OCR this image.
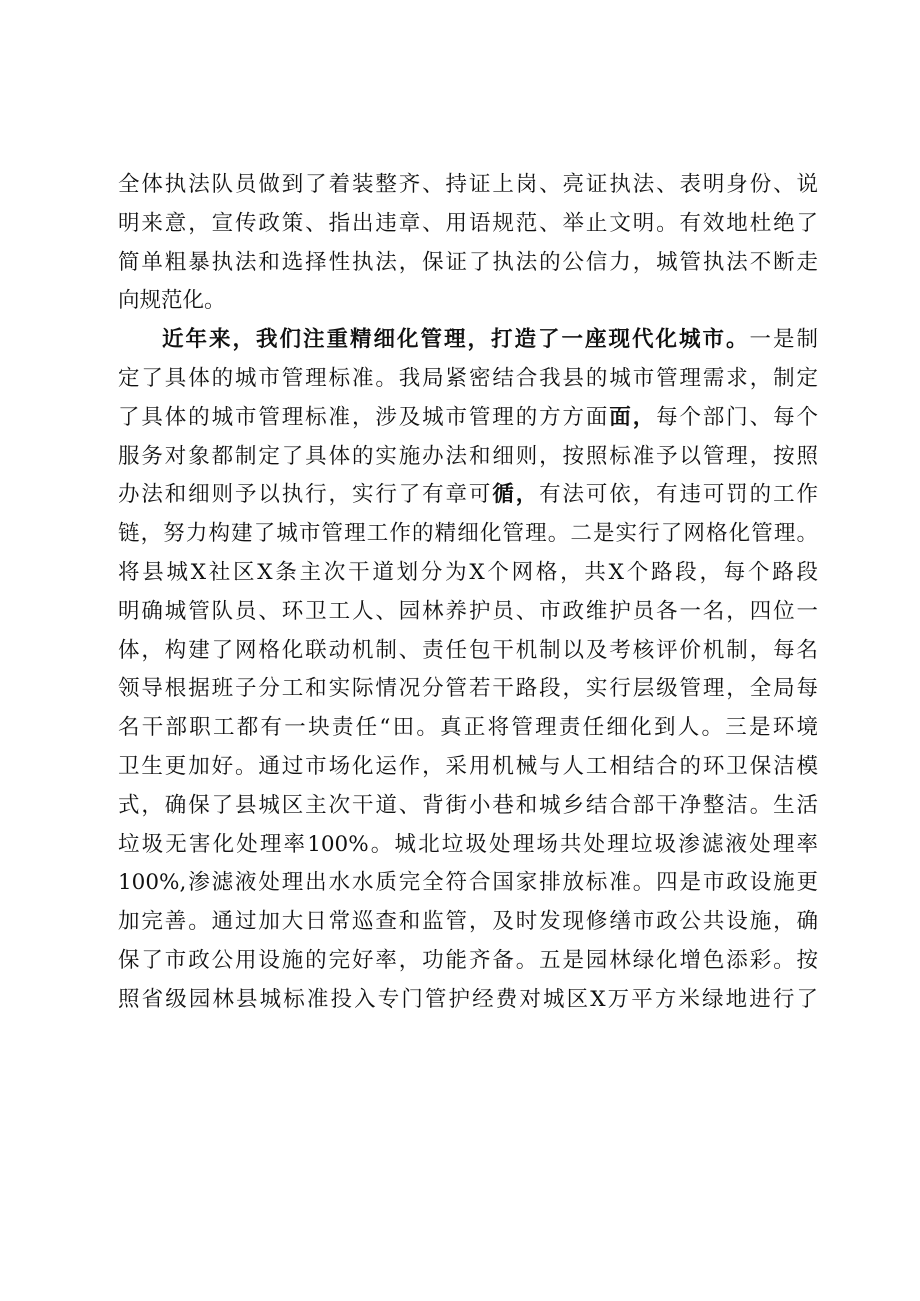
全体执法队员做到了着装整齐、持证上岗、亮证执法、表明身份、说
明来意，宣传政策、指出违章、用语规范、举止文明。有效地杜绝了
简单粗暴执法和选择性执法，保证了执法的公信力，城管执法不断走
向规范化。
近年来，我们注重精细化管理，打造了一座现代化城市。一是制
定了具体的城市管理标准。我局紧密结合我县的城市管理需求，制定
了具体的城市管理标准，涉及城市管理的方方面面，每个部门、每个
服务对象都制定了具体的实施办法和细则，按照标准予以管理，按照
办法和细则予以执行，实行了有章可循，有法可依，有违可罚的工作
链，努力构建了城市管理工作的精细化管理。二是实行了网格化管理。
将县城X社区X条主次干道划分为X个网格，共X个路段，每个路段
明确城管队员、环卫工人、园林养护员、市政维护员各一名，四位一
体，构建了网格化联动机制、责任包干机制以及考核评价机制，每名
领导根据班子分工和实际情况分管若干路段，实行层级管理，全局每
名干部职工都有一块责任“田。真正将管理责任细化到人。三是环境
卫生更加好。通过市场化运作，采用机械与人工相结合的环卫保洁模
式，确保了县城区主次干道、背街小巷和城乡结合部干净整洁。生活
垃圾无害化处理率100%。城北垃圾处理场共处理垃圾渗滤液处理率
100%,渗滤液处理出水水质完全符合国家排放标准。四是市政设施更
加完善。通过加大日常巡查和监管，及时发现修缮市政公共设施，确
保了市政公用设施的完好率，功能齐备。五是园林绿化增色添彩。按
照省级园林县城标准投入专门管护经费对城区X万平方米绿地进行了
